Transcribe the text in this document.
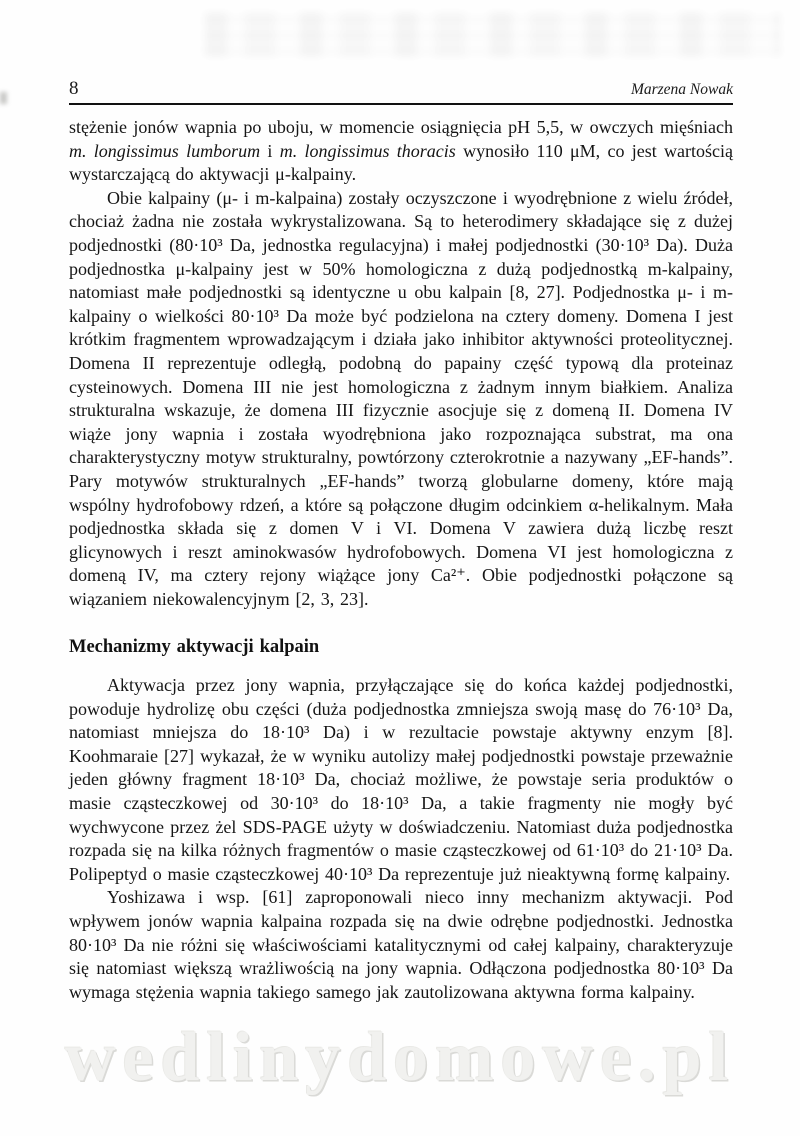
8	Marzena Nowak

stężenie jonów wapnia po uboju, w momencie osiągnięcia pH 5,5, w owczych mięśniach m. longissimus lumborum i m. longissimus thoracis wynosiło 110 μM, co jest wartością wystarczającą do aktywacji μ-kalpainy.

Obie kalpainy (μ- i m-kalpaina) zostały oczyszczone i wyodrębnione z wielu źródeł, chociaż żadna nie została wykrystalizowana. Są to heterodimery składające się z dużej podjednostki (80·10³ Da, jednostka regulacyjna) i małej podjednostki (30·10³ Da). Duża podjednostka μ-kalpainy jest w 50% homologiczna z dużą podjednostką m-kalpainy, natomiast małe podjednostki są identyczne u obu kalpain [8, 27]. Podjednostka μ- i m-kalpainy o wielkości 80·10³ Da może być podzielona na cztery domeny. Domena I jest krótkim fragmentem wprowadzającym i działa jako inhibitor aktywności proteolitycznej. Domena II reprezentuje odległą, podobną do papainy część typową dla proteinaz cysteinowych. Domena III nie jest homologiczna z żadnym innym białkiem. Analiza strukturalna wskazuje, że domena III fizycznie asocjuje się z domeną II. Domena IV wiąże jony wapnia i została wyodrębniona jako rozpoznająca substrat, ma ona charakterystyczny motyw strukturalny, powtórzony czterokrotnie a nazywany „EF-hands”. Pary motywów strukturalnych „EF-hands” tworzą globularne domeny, które mają wspólny hydrofobowy rdzeń, a które są połączone długim odcinkiem α-helikalnym. Mała podjednostka składa się z domen V i VI. Domena V zawiera dużą liczbę reszt glicynowych i reszt aminokwasów hydrofobowych. Domena VI jest homologiczna z domeną IV, ma cztery rejony wiążące jony Ca²⁺. Obie podjednostki połączone są wiązaniem niekowalencyjnym [2, 3, 23].

Mechanizmy aktywacji kalpain

Aktywacja przez jony wapnia, przyłączające się do końca każdej podjednostki, powoduje hydrolizę obu części (duża podjednostka zmniejsza swoją masę do 76·10³ Da, natomiast mniejsza do 18·10³ Da) i w rezultacie powstaje aktywny enzym [8]. Koohmaraie [27] wykazał, że w wyniku autolizy małej podjednostki powstaje przeważnie jeden główny fragment 18·10³ Da, chociaż możliwe, że powstaje seria produktów o masie cząsteczkowej od 30·10³ do 18·10³ Da, a takie fragmenty nie mogły być wychwycone przez żel SDS-PAGE użyty w doświadczeniu. Natomiast duża podjednostka rozpada się na kilka różnych fragmentów o masie cząsteczkowej od 61·10³ do 21·10³ Da. Polipeptyd o masie cząsteczkowej 40·10³ Da reprezentuje już nieaktywną formę kalpainy.

Yoshizawa i wsp. [61] zaproponowali nieco inny mechanizm aktywacji. Pod wpływem jonów wapnia kalpaina rozpada się na dwie odrębne podjednostki. Jednostka 80·10³ Da nie różni się właściwościami katalitycznymi od całej kalpainy, charakteryzuje się natomiast większą wrażliwością na jony wapnia. Odłączona podjednostka 80·10³ Da wymaga stężenia wapnia takiego samego jak zautolizowana aktywna forma kalpainy.

wedlinydomowe.pl
